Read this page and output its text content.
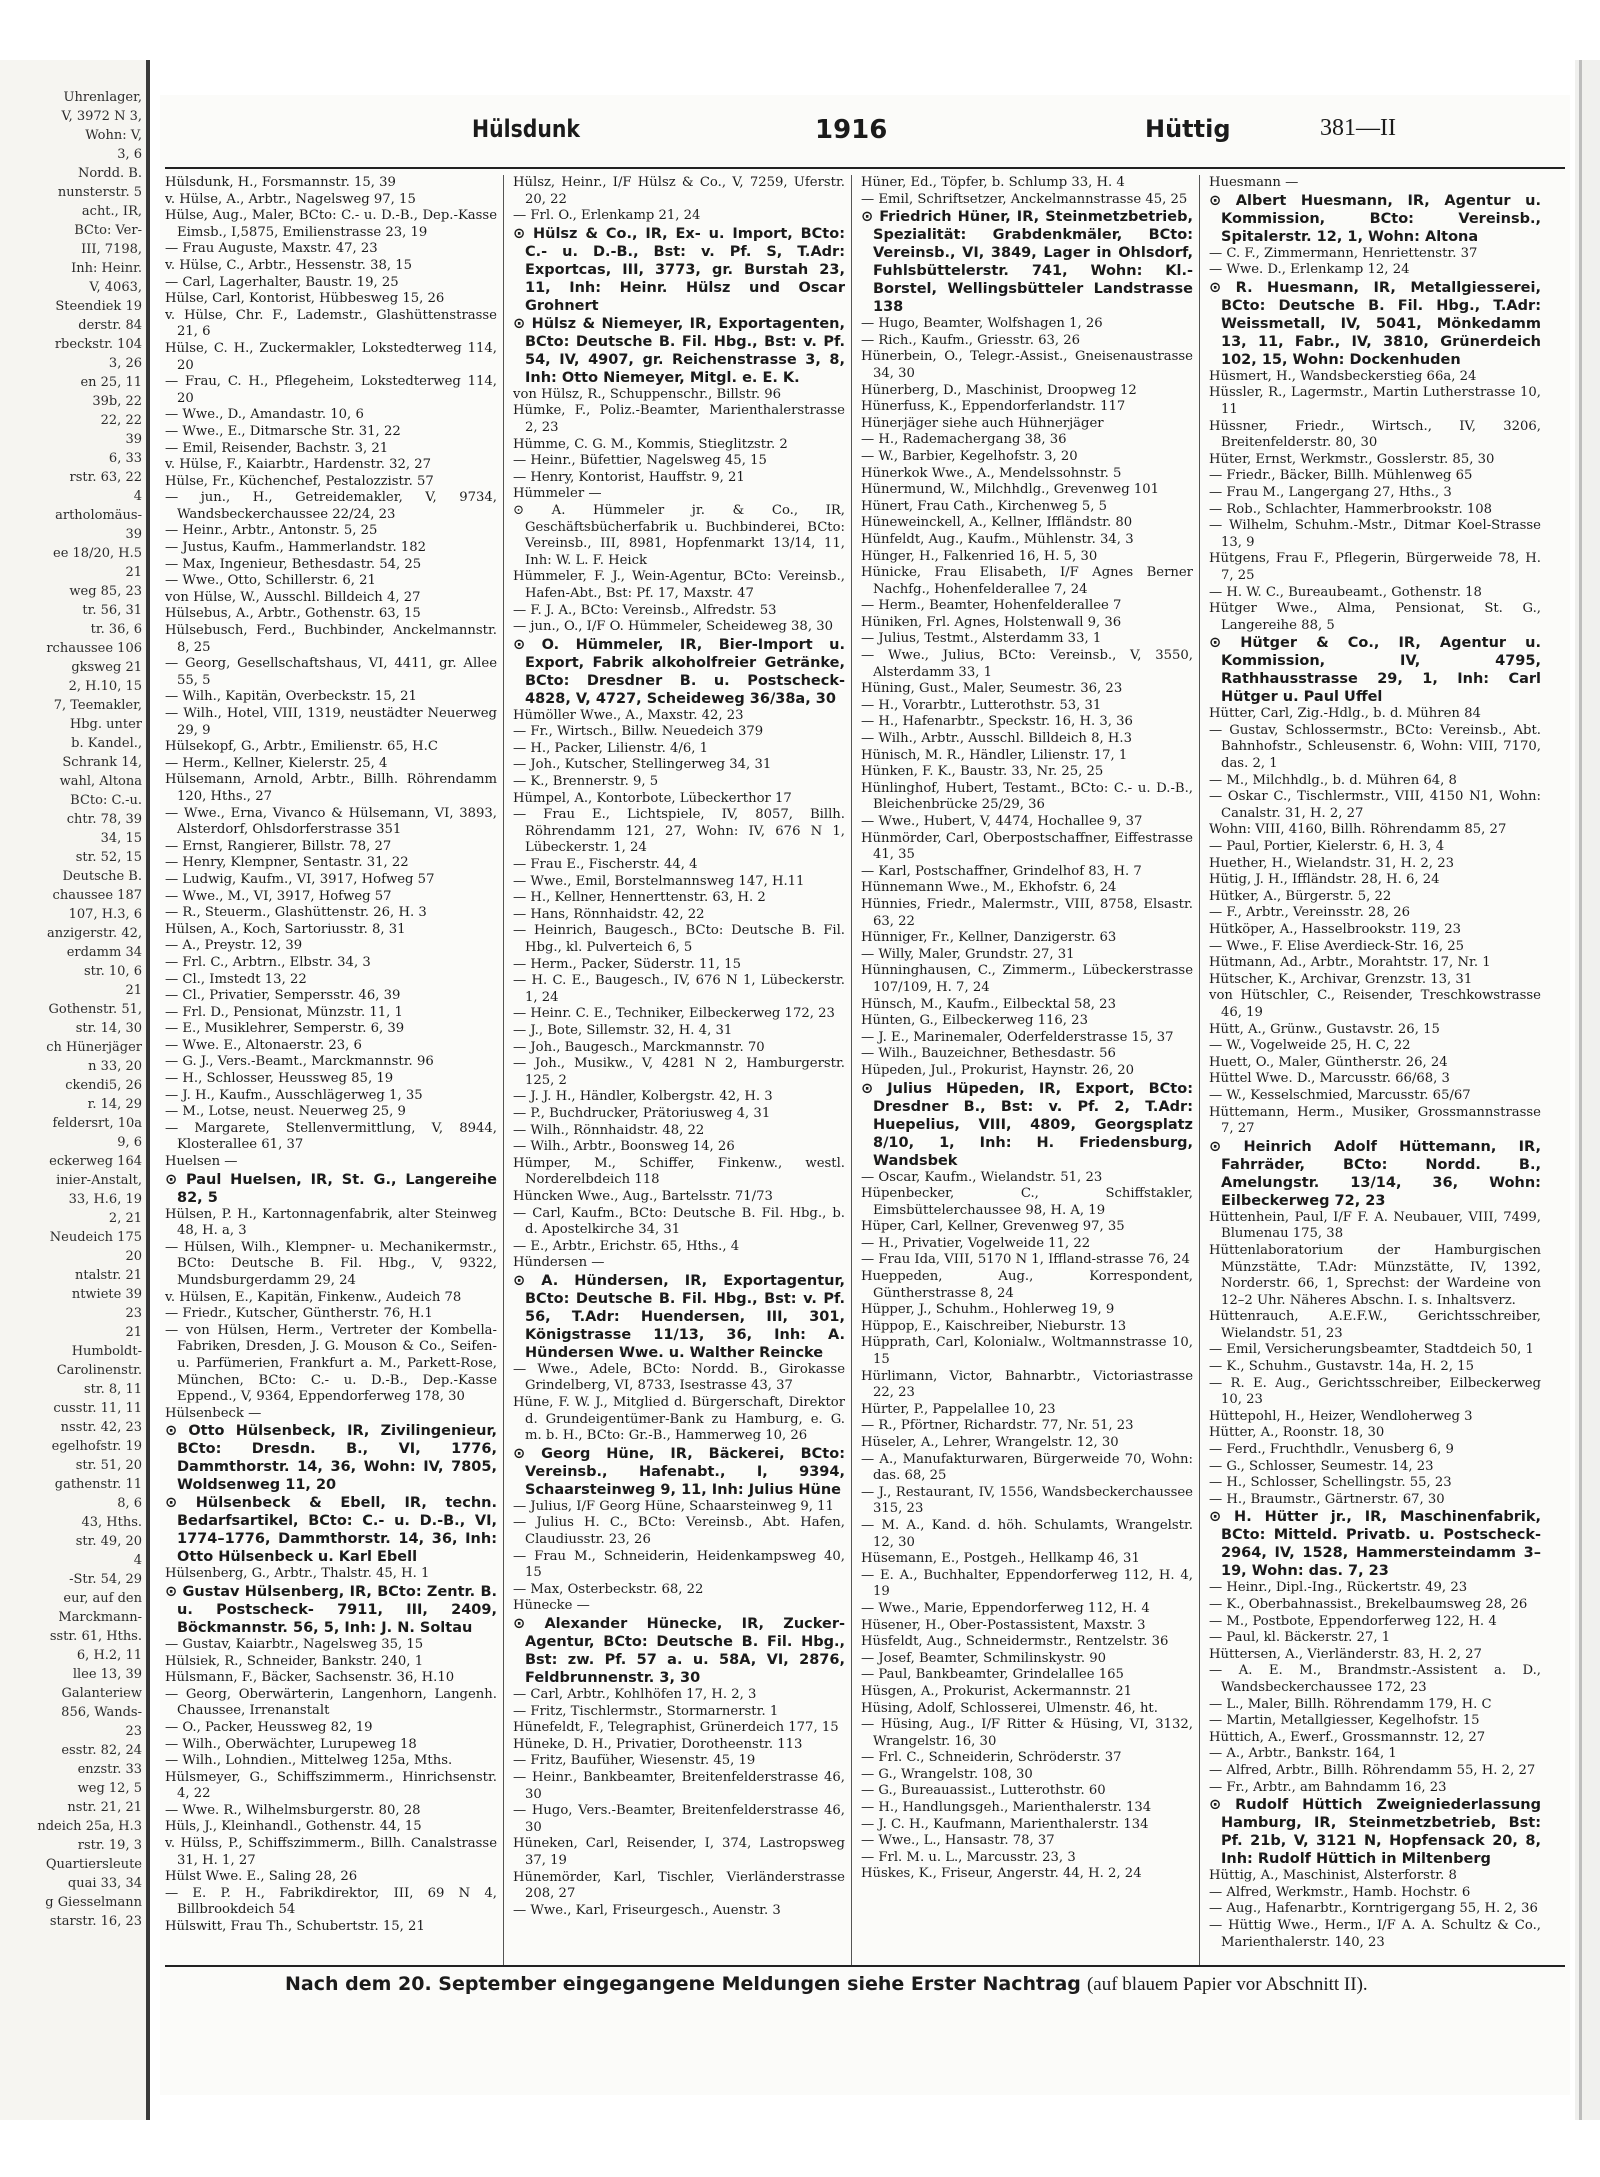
Uhrenlager,
V, 3972 N 3,
Wohn: V,
3, 6
Nordd. B.
nunsterstr. 5
acht., IR,
BCto: Ver-
III, 7198,
Inh: Heinr.
V, 4063,
Steendiek 19
derstr. 84
rbeckstr. 104
3, 26
en 25, 11
39b, 22
22, 22
39
6, 33
rstr. 63, 22
4
artholomäus-
39
ee 18/20, H.5
21
weg 85, 23
tr. 56, 31
tr. 36, 6
rchaussee 106
gksweg 21
2, H.10, 15
7, Teemakler,
Hbg. unter
b. Kandel.,
Schrank 14,
wahl, Altona
BCto: C.-u.
chtr. 78, 39
34, 15
str. 52, 15
Deutsche B.
chaussee 187
107, H.3, 6
anzigerstr. 42,
erdamm 34
str. 10, 6
21
Gothenstr. 51,
str. 14, 30
ch Hünerjäger
n 33, 20
ckendi5, 26
r. 14, 29
feldersrt, 10a
9, 6
eckerweg 164
inier-Anstalt,
33, H.6, 19
2, 21
Neudeich 175
20
ntalstr. 21
ntwiete 39
23
21
Humboldt-
Carolinenstr.
str. 8, 11
cusstr. 11, 11
nsstr. 42, 23
egelhofstr. 19
str. 51, 20
gathenstr. 11
8, 6
43, Hths.
str. 49, 20
4
-Str. 54, 29
eur, auf den
Marckmann-
sstr. 61, Hths.
6, H.2, 11
llee 13, 39
Galanteriew
856, Wands-
23
esstr. 82, 24
enzstr. 33
weg 12, 5
nstr. 21, 21
ndeich 25a, H.3
rstr. 19, 3
Quartiersleute
quai 33, 34
g Giesselmann
starstr. 16, 23
Hülsdunk	1916	Hüttig	381—II

Hülsdunk, H., Forsmannstr. 15, 39

v. Hülse, A., Arbtr., Nagelsweg 97, 15

Hülse, Aug., Maler, BCto: C.- u. D.-B., Dep.-Kasse Eimsb., I,5875, Emilienstrasse 23, 19

— Frau Auguste, Maxstr. 47, 23

v. Hülse, C., Arbtr., Hessenstr. 38, 15

— Carl, Lagerhalter, Baustr. 19, 25

Hülse, Carl, Kontorist, Hübbesweg 15, 26

v. Hülse, Chr. F., Lademstr., Glashüttenstrasse 21, 6

Hülse, C. H., Zuckermakler, Lokstedterweg 114, 20

— Frau, C. H., Pflegeheim, Lokstedterweg 114, 20

— Wwe., D., Amandastr. 10, 6

— Wwe., E., Ditmarsche Str. 31, 22

— Emil, Reisender, Bachstr. 3, 21

v. Hülse, F., Kaiarbtr., Hardenstr. 32, 27

Hülse, Fr., Küchenchef, Pestalozzistr. 57

— jun., H., Getreidemakler, V, 9734, Wandsbeckerchaussee 22/24, 23

— Heinr., Arbtr., Antonstr. 5, 25

— Justus, Kaufm., Hammerlandstr. 182

— Max, Ingenieur, Bethesdastr. 54, 25

— Wwe., Otto, Schillerstr. 6, 21

von Hülse, W., Ausschl. Billdeich 4, 27

Hülsebus, A., Arbtr., Gothenstr. 63, 15

Hülsebusch, Ferd., Buchbinder, Anckelmannstr. 8, 25

— Georg, Gesellschaftshaus, VI, 4411, gr. Allee 55, 5

— Wilh., Kapitän, Overbeckstr. 15, 21

— Wilh., Hotel, VIII, 1319, neustädter Neuerweg 29, 9

Hülsekopf, G., Arbtr., Emilienstr. 65, H.C

— Herm., Kellner, Kielerstr. 25, 4

Hülsemann, Arnold, Arbtr., Billh. Röhrendamm 120, Hths., 27

— Wwe., Erna, Vivanco & Hülsemann, VI, 3893, Alsterdorf, Ohlsdorferstrasse 351

— Ernst, Rangierer, Billstr. 78, 27

— Henry, Klempner, Sentastr. 31, 22

— Ludwig, Kaufm., VI, 3917, Hofweg 57

— Wwe., M., VI, 3917, Hofweg 57

— R., Steuerm., Glashüttenstr. 26, H. 3

Hülsen, A., Koch, Sartoriusstr. 8, 31

— A., Preystr. 12, 39

— Frl. C., Arbtrn., Elbstr. 34, 3

— Cl., Imstedt 13, 22

— Cl., Privatier, Sempersstr. 46, 39

— Frl. D., Pensionat, Münzstr. 11, 1

— E., Musiklehrer, Semperstr. 6, 39

— Wwe. E., Altonaerstr. 23, 6

— G. J., Vers.-Beamt., Marckmannstr. 96

— H., Schlosser, Heussweg 85, 19

— J. H., Kaufm., Ausschlägerweg 1, 35

— M., Lotse, neust. Neuerweg 25, 9

— Margarete, Stellenvermittlung, V, 8944, Klosterallee 61, 37

Huelsen —

⊙ Paul Huelsen, IR, St. G., Langereihe 82, 5

Hülsen, P. H., Kartonnagenfabrik, alter Steinweg 48, H. a, 3

— Hülsen, Wilh., Klempner- u. Mechanikermstr., BCto: Deutsche B. Fil. Hbg., V, 9322, Mundsburgerdamm 29, 24

v. Hülsen, E., Kapitän, Finkenw., Audeich 78

— Friedr., Kutscher, Güntherstr. 76, H.1

— von Hülsen, Herm., Vertreter der Kombella-Fabriken, Dresden, J. G. Mouson & Co., Seifen- u. Parfümerien, Frankfurt a. M., Parkett-Rose, München, BCto: C.- u. D.-B., Dep.-Kasse Eppend., V, 9364, Eppendorferweg 178, 30

Hülsenbeck —

⊙ Otto Hülsenbeck, IR, Zivilingenieur, BCto: Dresdn. B., VI, 1776, Dammthorstr. 14, 36, Wohn: IV, 7805, Woldsenweg 11, 20

⊙ Hülsenbeck & Ebell, IR, techn. Bedarfsartikel, BCto: C.- u. D.-B., VI, 1774–1776, Dammthorstr. 14, 36, Inh: Otto Hülsenbeck u. Karl Ebell

Hülsenberg, G., Arbtr., Thalstr. 45, H. 1

⊙ Gustav Hülsenberg, IR, BCto: Zentr. B. u. Postscheck- 7911, III, 2409, Böckmannstr. 56, 5, Inh: J. N. Soltau

— Gustav, Kaiarbtr., Nagelsweg 35, 15

Hülsiek, R., Schneider, Bankstr. 240, 1

Hülsmann, F., Bäcker, Sachsenstr. 36, H.10

— Georg, Oberwärterin, Langenhorn, Langenh. Chaussee, Irrenanstalt

— O., Packer, Heussweg 82, 19

— Wilh., Oberwächter, Lurupeweg 18

— Wilh., Lohndien., Mittelweg 125a, Mths.

Hülsmeyer, G., Schiffszimmerm., Hinrichsenstr. 4, 22

— Wwe. R., Wilhelmsburgerstr. 80, 28

Hüls, J., Kleinhandl., Gothenstr. 44, 15

v. Hülss, P., Schiffszimmerm., Billh. Canalstrasse 31, H. 1, 27

Hülst Wwe. E., Saling 28, 26

— E. P. H., Fabrikdirektor, III, 69 N 4, Billbrookdeich 54

Hülswitt, Frau Th., Schubertstr. 15, 21

Hülsz, Heinr., I/F Hülsz & Co., V, 7259, Uferstr. 20, 22

— Frl. O., Erlenkamp 21, 24

⊙ Hülsz & Co., IR, Ex- u. Import, BCto: C.- u. D.-B., Bst: v. Pf. S, T.Adr: Exportcas, III, 3773, gr. Burstah 23, 11, Inh: Heinr. Hülsz und Oscar Grohnert

⊙ Hülsz & Niemeyer, IR, Exportagenten, BCto: Deutsche B. Fil. Hbg., Bst: v. Pf. 54, IV, 4907, gr. Reichenstrasse 3, 8, Inh: Otto Niemeyer, Mitgl. e. E. K.

von Hülsz, R., Schuppenschr., Billstr. 96

Hümke, F., Poliz.-Beamter, Marienthalerstrasse 2, 23

Hümme, C. G. M., Kommis, Stieglitzstr. 2

— Heinr., Büfettier, Nagelsweg 45, 15

— Henry, Kontorist, Hauffstr. 9, 21

Hümmeler —

⊙ A. Hümmeler jr. & Co., IR, Geschäftsbücherfabrik u. Buchbinderei, BCto: Vereinsb., III, 8981, Hopfenmarkt 13/14, 11, Inh: W. L. F. Heick

Hümmeler, F. J., Wein-Agentur, BCto: Vereinsb., Hafen-Abt., Bst: Pf. 17, Maxstr. 47

— F. J. A., BCto: Vereinsb., Alfredstr. 53

— jun., O., I/F O. Hümmeler, Scheideweg 38, 30

⊙ O. Hümmeler, IR, Bier-Import u. Export, Fabrik alkoholfreier Getränke, BCto: Dresdner B. u. Postscheck- 4828, V, 4727, Scheideweg 36/38a, 30

Hümöller Wwe., A., Maxstr. 42, 23

— Fr., Wirtsch., Billw. Neuedeich 379

— H., Packer, Lilienstr. 4/6, 1

— Joh., Kutscher, Stellingerweg 34, 31

— K., Brennerstr. 9, 5

Hümpel, A., Kontorbote, Lübeckerthor 17

— Frau E., Lichtspiele, IV, 8057, Billh. Röhrendamm 121, 27, Wohn: IV, 676 N 1, Lübeckerstr. 1, 24

— Frau E., Fischerstr. 44, 4

— Wwe., Emil, Borstelmannsweg 147, H.11

— H., Kellner, Hennerttenstr. 63, H. 2

— Hans, Rönnhaidstr. 42, 22

— Heinrich, Baugesch., BCto: Deutsche B. Fil. Hbg., kl. Pulverteich 6, 5

— Herm., Packer, Süderstr. 11, 15

— H. C. E., Baugesch., IV, 676 N 1, Lübeckerstr. 1, 24

— Heinr. C. E., Techniker, Eilbeckerweg 172, 23

— J., Bote, Sillemstr. 32, H. 4, 31

— Joh., Baugesch., Marckmannstr. 70

— Joh., Musikw., V, 4281 N 2, Hamburgerstr. 125, 2

— J. J. H., Händler, Kolbergstr. 42, H. 3

— P., Buchdrucker, Prätoriusweg 4, 31

— Wilh., Rönnhaidstr. 48, 22

— Wilh., Arbtr., Boonsweg 14, 26

Hümper, M., Schiffer, Finkenw., westl. Norderelbdeich 118

Hüncken Wwe., Aug., Bartelsstr. 71/73

— Carl, Kaufm., BCto: Deutsche B. Fil. Hbg., b. d. Apostelkirche 34, 31

— E., Arbtr., Erichstr. 65, Hths., 4

Hündersen —

⊙ A. Hündersen, IR, Exportagentur, BCto: Deutsche B. Fil. Hbg., Bst: v. Pf. 56, T.Adr: Huendersen, III, 301, Königstrasse 11/13, 36, Inh: A. Hündersen Wwe. u. Walther Reincke

— Wwe., Adele, BCto: Nordd. B., Girokasse Grindelberg, VI, 8733, Isestrasse 43, 37

Hüne, F. W. J., Mitglied d. Bürgerschaft, Direktor d. Grundeigentümer-Bank zu Hamburg, e. G. m. b. H., BCto: Gr.-B., Hammerweg 10, 26

⊙ Georg Hüne, IR, Bäckerei, BCto: Vereinsb., Hafenabt., I, 9394, Schaarsteinweg 9, 11, Inh: Julius Hüne

— Julius, I/F Georg Hüne, Schaarsteinweg 9, 11

— Julius H. C., BCto: Vereinsb., Abt. Hafen, Claudiusstr. 23, 26

— Frau M., Schneiderin, Heidenkampsweg 40, 15

— Max, Osterbeckstr. 68, 22

Hünecke —

⊙ Alexander Hünecke, IR, Zucker-Agentur, BCto: Deutsche B. Fil. Hbg., Bst: zw. Pf. 57 a. u. 58A, VI, 2876, Feldbrunnenstr. 3, 30

— Carl, Arbtr., Kohlhöfen 17, H. 2, 3

— Fritz, Tischlermstr., Stormarnerstr. 1

Hünefeldt, F., Telegraphist, Grünerdeich 177, 15

Hüneke, D. H., Privatier, Dorotheenstr. 113

— Fritz, Baufüher, Wiesenstr. 45, 19

— Heinr., Bankbeamter, Breitenfelderstrasse 46, 30

— Hugo, Vers.-Beamter, Breitenfelderstrasse 46, 30

Hüneken, Carl, Reisender, I, 374, Lastropsweg 37, 19

Hünemörder, Karl, Tischler, Vierländerstrasse 208, 27

— Wwe., Karl, Friseurgesch., Auenstr. 3

Hüner, Ed., Töpfer, b. Schlump 33, H. 4

— Emil, Schriftsetzer, Anckelmannstrasse 45, 25

⊙ Friedrich Hüner, IR, Steinmetzbetrieb, Spezialität: Grabdenkmäler, BCto: Vereinsb., VI, 3849, Lager in Ohlsdorf, Fuhlsbüttelerstr. 741, Wohn: Kl.-Borstel, Wellingsbütteler Landstrasse 138

— Hugo, Beamter, Wolfshagen 1, 26

— Rich., Kaufm., Griesstr. 63, 26

Hünerbein, O., Telegr.-Assist., Gneisenaustrasse 34, 30

Hünerberg, D., Maschinist, Droopweg 12

Hünerfuss, K., Eppendorferlandstr. 117

Hünerjäger siehe auch Hühnerjäger

— H., Rademachergang 38, 36

— W., Barbier, Kegelhofstr. 3, 20

Hünerkok Wwe., A., Mendelssohnstr. 5

Hünermund, W., Milchhdlg., Grevenweg 101

Hünert, Frau Cath., Kirchenweg 5, 5

Hüneweinckell, A., Kellner, Iffländstr. 80

Hünfeldt, Aug., Kaufm., Mühlenstr. 34, 3

Hünger, H., Falkenried 16, H. 5, 30

Hünicke, Frau Elisabeth, I/F Agnes Berner Nachfg., Hohenfelderallee 7, 24

— Herm., Beamter, Hohenfelderallee 7

Hüniken, Frl. Agnes, Holstenwall 9, 36

— Julius, Testmt., Alsterdamm 33, 1

— Wwe., Julius, BCto: Vereinsb., V, 3550, Alsterdamm 33, 1

Hüning, Gust., Maler, Seumestr. 36, 23

— H., Vorarbtr., Lutterothstr. 53, 31

— H., Hafenarbtr., Speckstr. 16, H. 3, 36

— Wilh., Arbtr., Ausschl. Billdeich 8, H.3

Hünisch, M. R., Händler, Lilienstr. 17, 1

Hünken, F. K., Baustr. 33, Nr. 25, 25

Hünlinghof, Hubert, Testamt., BCto: C.- u. D.-B., Bleichenbrücke 25/29, 36

— Wwe., Hubert, V, 4474, Hochallee 9, 37

Hünmörder, Carl, Oberpostschaffner, Eiffestrasse 41, 35

— Karl, Postschaffner, Grindelhof 83, H. 7

Hünnemann Wwe., M., Ekhofstr. 6, 24

Hünnies, Friedr., Malermstr., VIII, 8758, Elsastr. 63, 22

Hünniger, Fr., Kellner, Danzigerstr. 63

— Willy, Maler, Grundstr. 27, 31

Hünninghausen, C., Zimmerm., Lübeckerstrasse 107/109, H. 7, 24

Hünsch, M., Kaufm., Eilbecktal 58, 23

Hünten, G., Eilbeckerweg 116, 23

— J. E., Marinemaler, Oderfelderstrasse 15, 37

— Wilh., Bauzeichner, Bethesdastr. 56

Hüpeden, Jul., Prokurist, Haynstr. 26, 20

⊙ Julius Hüpeden, IR, Export, BCto: Dresdner B., Bst: v. Pf. 2, T.Adr: Huepelius, VIII, 4809, Georgsplatz 8/10, 1, Inh: H. Friedensburg, Wandsbek

— Oscar, Kaufm., Wielandstr. 51, 23

Hüpenbecker, C., Schiffstakler, Eimsbüttelerchaussee 98, H. A, 19

Hüper, Carl, Kellner, Grevenweg 97, 35

— H., Privatier, Vogelweide 11, 22

— Frau Ida, VIII, 5170 N 1, Iffland-strasse 76, 24

Hueppeden, Aug., Korrespondent, Güntherstrasse 8, 24

Hüpper, J., Schuhm., Hohlerweg 19, 9

Hüppop, E., Kaischreiber, Nieburstr. 13

Hüpprath, Carl, Kolonialw., Woltmannstrasse 10, 15

Hürlimann, Victor, Bahnarbtr., Victoriastrasse 22, 23

Hürter, P., Pappelallee 10, 23

— R., Pförtner, Richardstr. 77, Nr. 51, 23

Hüseler, A., Lehrer, Wrangelstr. 12, 30

— A., Manufakturwaren, Bürgerweide 70, Wohn: das. 68, 25

— J., Restaurant, IV, 1556, Wandsbeckerchaussee 315, 23

— M. A., Kand. d. höh. Schulamts, Wrangelstr. 12, 30

Hüsemann, E., Postgeh., Hellkamp 46, 31

— E. A., Buchhalter, Eppendorferweg 112, H. 4, 19

— Wwe., Marie, Eppendorferweg 112, H. 4

Hüsener, H., Ober-Postassistent, Maxstr. 3

Hüsfeldt, Aug., Schneidermstr., Rentzelstr. 36

— Josef, Beamter, Schmilinskystr. 90

— Paul, Bankbeamter, Grindelallee 165

Hüsgen, A., Prokurist, Ackermannstr. 21

Hüsing, Adolf, Schlosserei, Ulmenstr. 46, ht.

— Hüsing, Aug., I/F Ritter & Hüsing, VI, 3132, Wrangelstr. 16, 30

— Frl. C., Schneiderin, Schröderstr. 37

— G., Wrangelstr. 108, 30

— G., Bureauassist., Lutterothstr. 60

— H., Handlungsgeh., Marienthalerstr. 134

— J. C. H., Kaufmann, Marienthalerstr. 134

— Wwe., L., Hansastr. 78, 37

— Frl. M. u. L., Marcusstr. 23, 3

Hüskes, K., Friseur, Angerstr. 44, H. 2, 24

Huesmann —

⊙ Albert Huesmann, IR, Agentur u. Kommission, BCto: Vereinsb., Spitalerstr. 12, 1, Wohn: Altona

— C. F., Zimmermann, Henriettenstr. 37

— Wwe. D., Erlenkamp 12, 24

⊙ R. Huesmann, IR, Metallgiesserei, BCto: Deutsche B. Fil. Hbg., T.Adr: Weissmetall, IV, 5041, Mönkedamm 13, 11, Fabr., IV, 3810, Grünerdeich 102, 15, Wohn: Dockenhuden

Hüsmert, H., Wandsbeckerstieg 66a, 24

Hüssler, R., Lagermstr., Martin Lutherstrasse 10, 11

Hüssner, Friedr., Wirtsch., IV, 3206, Breitenfelderstr. 80, 30

Hüter, Ernst, Werkmstr., Gosslerstr. 85, 30

— Friedr., Bäcker, Billh. Mühlenweg 65

— Frau M., Langergang 27, Hths., 3

— Rob., Schlachter, Hammerbrookstr. 108

— Wilhelm, Schuhm.-Mstr., Ditmar Koel-Strasse 13, 9

Hütgens, Frau F., Pflegerin, Bürgerweide 78, H. 7, 25

— H. W. C., Bureaubeamt., Gothenstr. 18

Hütger Wwe., Alma, Pensionat, St. G., Langereihe 88, 5

⊙ Hütger & Co., IR, Agentur u. Kommission, IV, 4795, Rathhausstrasse 29, 1, Inh: Carl Hütger u. Paul Uffel

Hütter, Carl, Zig.-Hdlg., b. d. Mühren 84

— Gustav, Schlossermstr., BCto: Vereinsb., Abt. Bahnhofstr., Schleusenstr. 6, Wohn: VIII, 7170, das. 2, 1

— M., Milchhdlg., b. d. Mühren 64, 8

— Oskar C., Tischlermstr., VIII, 4150 N1, Wohn: Canalstr. 31, H. 2, 27

Wohn: VIII, 4160, Billh. Röhrendamm 85, 27

— Paul, Portier, Kielerstr. 6, H. 3, 4

Huether, H., Wielandstr. 31, H. 2, 23

Hütig, J. H., Iffländstr. 28, H. 6, 24

Hütker, A., Bürgerstr. 5, 22

— F., Arbtr., Vereinsstr. 28, 26

Hütköper, A., Hasselbrookstr. 119, 23

— Wwe., F. Elise Averdieck-Str. 16, 25

Hütmann, Ad., Arbtr., Morahtstr. 17, Nr. 1

Hütscher, K., Archivar, Grenzstr. 13, 31

von Hütschler, C., Reisender, Treschkowstrasse 46, 19

Hütt, A., Grünw., Gustavstr. 26, 15

— W., Vogelweide 25, H. C, 22

Huett, O., Maler, Güntherstr. 26, 24

Hüttel Wwe. D., Marcusstr. 66/68, 3

— W., Kesselschmied, Marcusstr. 65/67

Hüttemann, Herm., Musiker, Grossmannstrasse 7, 27

⊙ Heinrich Adolf Hüttemann, IR, Fahrräder, BCto: Nordd. B., Amelungstr. 13/14, 36, Wohn: Eilbeckerweg 72, 23

Hüttenhein, Paul, I/F F. A. Neubauer, VIII, 7499, Blumenau 175, 38

Hüttenlaboratorium der Hamburgischen Münzstätte, T.Adr: Münzstätte, IV, 1392, Norderstr. 66, 1, Sprechst: der Wardeine von 12–2 Uhr. Näheres Abschn. I. s. Inhaltsverz.

Hüttenrauch, A.E.F.W., Gerichtsschreiber, Wielandstr. 51, 23

— Emil, Versicherungsbeamter, Stadtdeich 50, 1

— K., Schuhm., Gustavstr. 14a, H. 2, 15

— R. E. Aug., Gerichtsschreiber, Eilbeckerweg 10, 23

Hüttepohl, H., Heizer, Wendloherweg 3

Hütter, A., Roonstr. 18, 30

— Ferd., Fruchthdlr., Venusberg 6, 9

— G., Schlosser, Seumestr. 14, 23

— H., Schlosser, Schellingstr. 55, 23

— H., Braumstr., Gärtnerstr. 67, 30

⊙ H. Hütter jr., IR, Maschinenfabrik, BCto: Mitteld. Privatb. u. Postscheck- 2964, IV, 1528, Hammersteindamm 3–19, Wohn: das. 7, 23

— Heinr., Dipl.-Ing., Rückertstr. 49, 23

— K., Oberbahnassist., Brekelbaumsweg 28, 26

— M., Postbote, Eppendorferweg 122, H. 4

— Paul, kl. Bäckerstr. 27, 1

Hüttersen, A., Vierländerstr. 83, H. 2, 27

— A. E. M., Brandmstr.-Assistent a. D., Wandsbeckerchaussee 172, 23

— L., Maler, Billh. Röhrendamm 179, H. C

— Martin, Metallgiesser, Kegelhofstr. 15

Hüttich, A., Ewerf., Grossmannstr. 12, 27

— A., Arbtr., Bankstr. 164, 1

— Alfred, Arbtr., Billh. Röhrendamm 55, H. 2, 27

— Fr., Arbtr., am Bahndamm 16, 23

⊙ Rudolf Hüttich Zweigniederlassung Hamburg, IR, Steinmetzbetrieb, Bst: Pf. 21b, V, 3121 N, Hopfensack 20, 8, Inh: Rudolf Hüttich in Miltenberg

Hüttig, A., Maschinist, Alsterforstr. 8

— Alfred, Werkmstr., Hamb. Hochstr. 6

— Aug., Hafenarbtr., Korntrigergang 55, H. 2, 36

— Hüttig Wwe., Herm., I/F A. A. Schultz & Co., Marienthalerstr. 140, 23

Nach dem 20. September eingegangene Meldungen siehe Erster Nachtrag (auf blauem Papier vor Abschnitt II).
